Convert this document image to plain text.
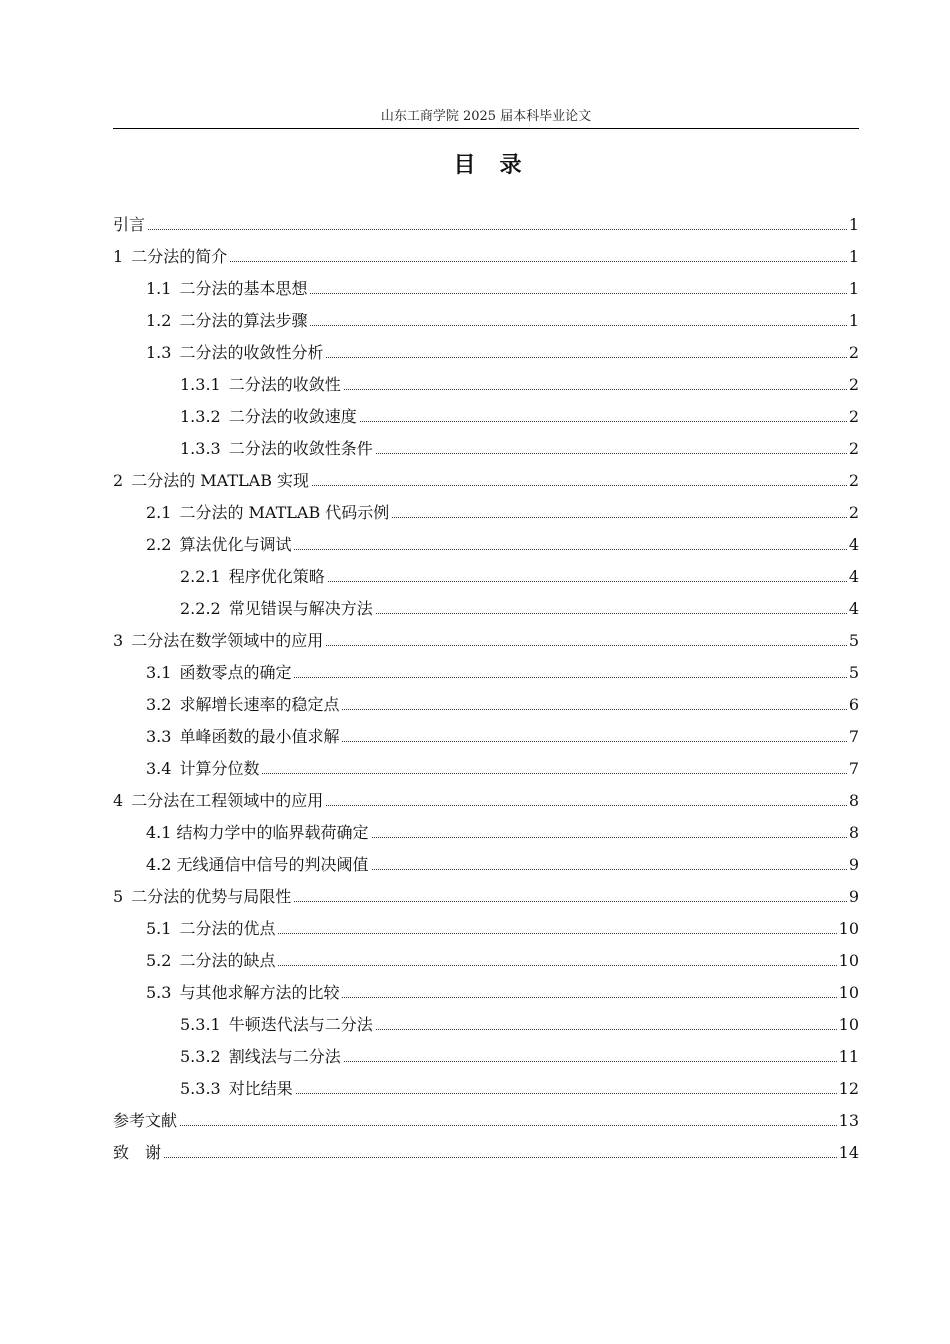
山东工商学院 2025 届本科毕业论文
目 录
引言	1
1 二分法的简介	1
1.1 二分法的基本思想	1
1.2 二分法的算法步骤	1
1.3 二分法的收敛性分析	2
1.3.1 二分法的收敛性	2
1.3.2 二分法的收敛速度	2
1.3.3 二分法的收敛性条件	2
2 二分法的 MATLAB 实现	2
2.1 二分法的 MATLAB 代码示例	2
2.2 算法优化与调试	4
2.2.1 程序优化策略	4
2.2.2 常见错误与解决方法	4
3 二分法在数学领域中的应用	5
3.1 函数零点的确定	5
3.2 求解增长速率的稳定点	6
3.3 单峰函数的最小值求解	7
3.4 计算分位数	7
4 二分法在工程领域中的应用	8
4.1 结构力学中的临界载荷确定	8
4.2 无线通信中信号的判决阈值	9
5 二分法的优势与局限性	9
5.1 二分法的优点	10
5.2 二分法的缺点	10
5.3 与其他求解方法的比较	10
5.3.1 牛顿迭代法与二分法	10
5.3.2 割线法与二分法	11
5.3.3 对比结果	12
参考文献	13
致　谢	14
